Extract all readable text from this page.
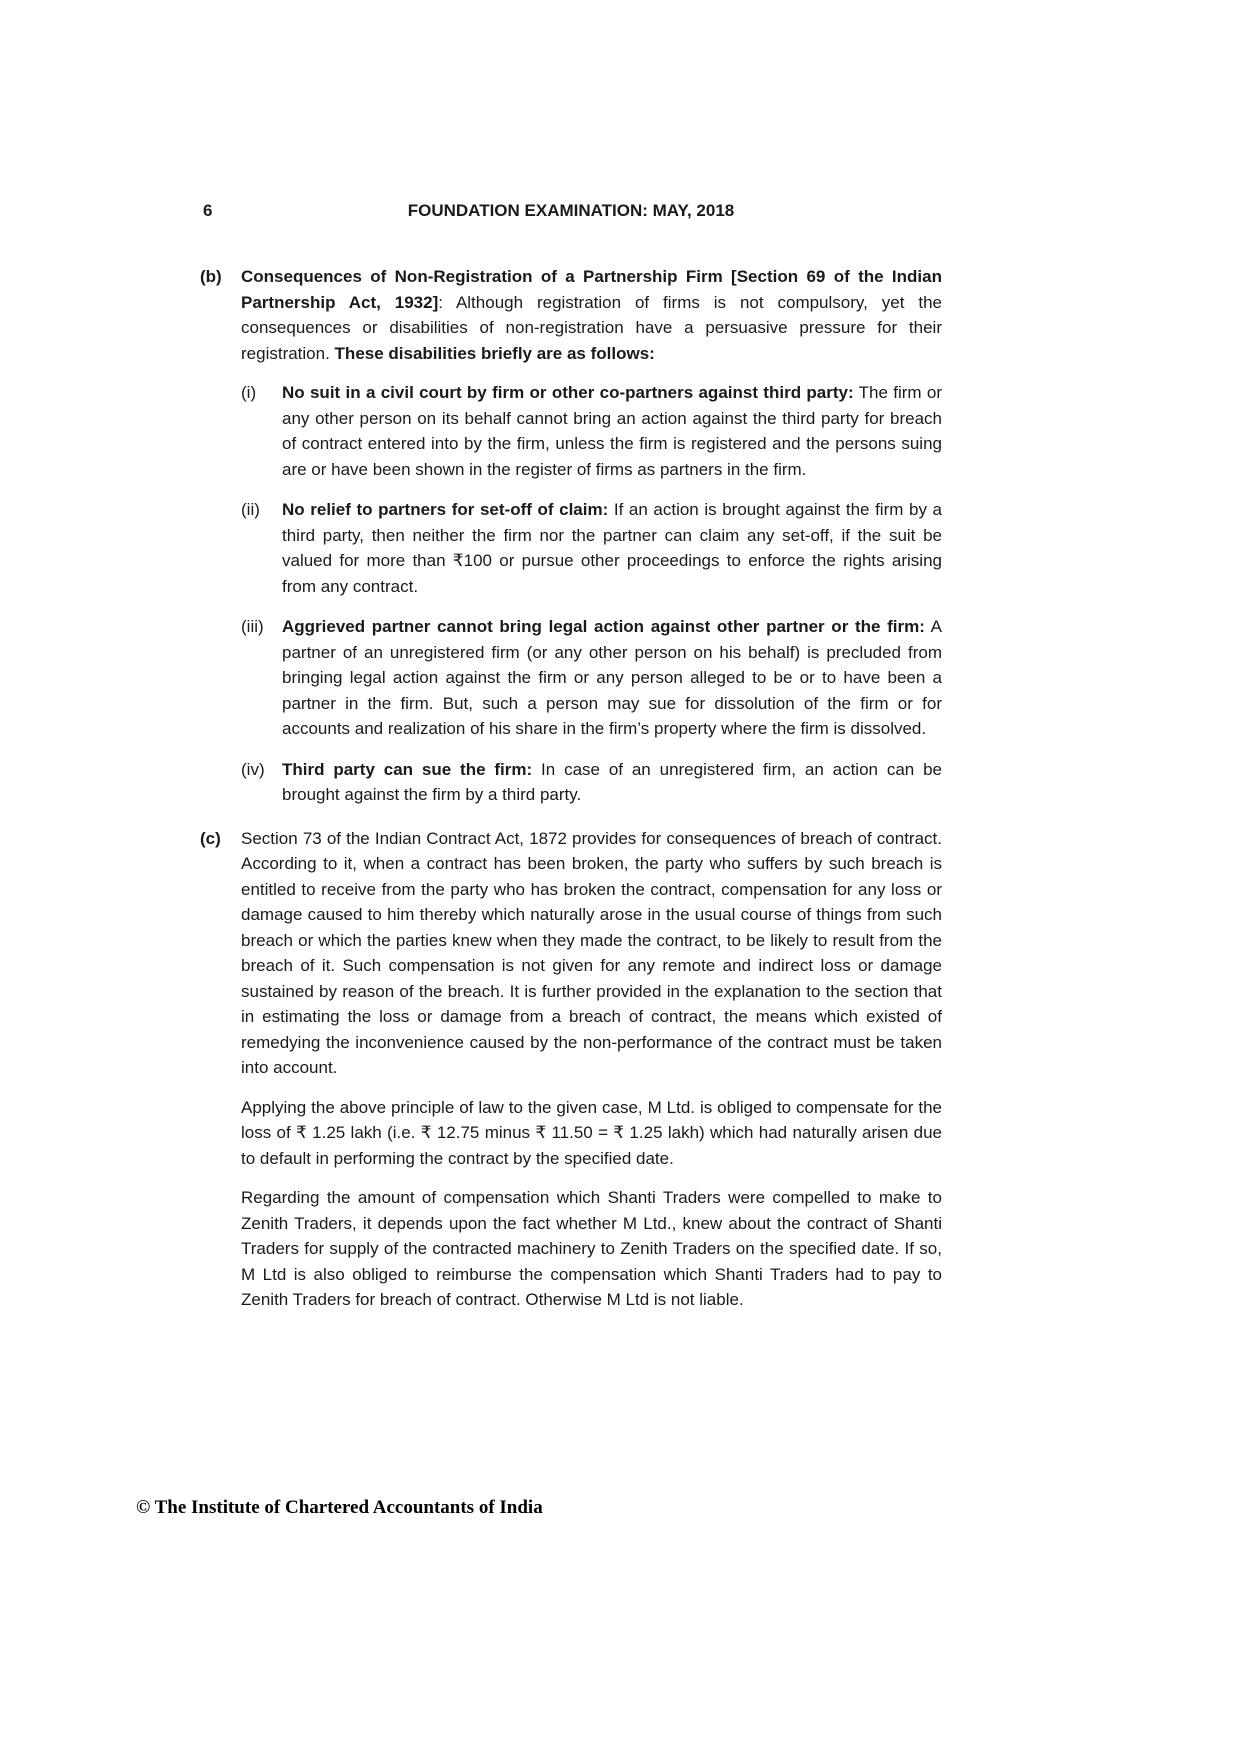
6	FOUNDATION EXAMINATION: MAY, 2018
(b)	Consequences of Non-Registration of a Partnership Firm [Section 69 of the Indian Partnership Act, 1932]: Although registration of firms is not compulsory, yet the consequences or disabilities of non-registration have a persuasive pressure for their registration. These disabilities briefly are as follows:

(i)	No suit in a civil court by firm or other co-partners against third party: The firm or any other person on its behalf cannot bring an action against the third party for breach of contract entered into by the firm, unless the firm is registered and the persons suing are or have been shown in the register of firms as partners in the firm.

(ii)	No relief to partners for set-off of claim: If an action is brought against the firm by a third party, then neither the firm nor the partner can claim any set-off, if the suit be valued for more than ₹100 or pursue other proceedings to enforce the rights arising from any contract.

(iii)	Aggrieved partner cannot bring legal action against other partner or the firm: A partner of an unregistered firm (or any other person on his behalf) is precluded from bringing legal action against the firm or any person alleged to be or to have been a partner in the firm. But, such a person may sue for dissolution of the firm or for accounts and realization of his share in the firm’s property where the firm is dissolved.

(iv)	Third party can sue the firm: In case of an unregistered firm, an action can be brought against the firm by a third party.

(c)	Section 73 of the Indian Contract Act, 1872 provides for consequences of breach of contract. According to it, when a contract has been broken, the party who suffers by such breach is entitled to receive from the party who has broken the contract, compensation for any loss or damage caused to him thereby which naturally arose in the usual course of things from such breach or which the parties knew when they made the contract, to be likely to result from the breach of it. Such compensation is not given for any remote and indirect loss or damage sustained by reason of the breach. It is further provided in the explanation to the section that in estimating the loss or damage from a breach of contract, the means which existed of remedying the inconvenience caused by the non-performance of the contract must be taken into account.

Applying the above principle of law to the given case, M Ltd. is obliged to compensate for the loss of ₹ 1.25 lakh (i.e. ₹ 12.75 minus ₹ 11.50 = ₹ 1.25 lakh) which had naturally arisen due to default in performing the contract by the specified date.

Regarding the amount of compensation which Shanti Traders were compelled to make to Zenith Traders, it depends upon the fact whether M Ltd., knew about the contract of Shanti Traders for supply of the contracted machinery to Zenith Traders on the specified date. If so, M Ltd is also obliged to reimburse the compensation which Shanti Traders had to pay to Zenith Traders for breach of contract. Otherwise M Ltd is not liable.

© The Institute of Chartered Accountants of India
